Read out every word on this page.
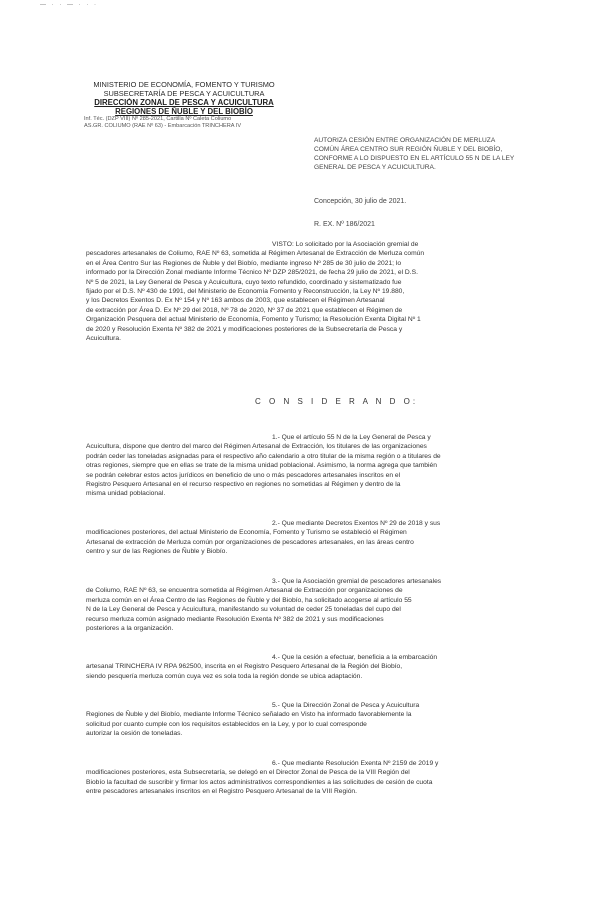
— · · — · · ·
MINISTERIO DE ECONOMÍA, FOMENTO Y TURISMO
SUBSECRETARÍA DE PESCA Y ACUICULTURA
DIRECCIÓN ZONAL DE PESCA Y ACUICULTURA
REGIONES DE ÑUBLE Y DEL BIOBÍO
Inf. Téc. (DZP VIII) Nº 285-2021, Cartilla Nº Caleta Coliumo
AS.GR. COLIUMO (RAE Nº 63) - Embarcación TRINCHERA IV
AUTORIZA CESIÓN ENTRE ORGANIZACIÓN DE MERLUZA
COMÚN ÁREA CENTRO SUR REGIÓN ÑUBLE Y DEL BIOBÍO,
CONFORME A LO DISPUESTO EN EL ARTÍCULO 55 N DE LA LEY
GENERAL DE PESCA Y ACUICULTURA.
Concepción, 30 julio de 2021.
R. EX. Nº 186/2021
VISTO: Lo solicitado por la Asociación gremial de
pescadores artesanales de Coliumo, RAE Nº 63, sometida al Régimen Artesanal de Extracción de Merluza común
en el Área Centro Sur las Regiones de Ñuble y del Biobío, mediante ingreso Nº 285 de 30 julio de 2021; lo
informado por la Dirección Zonal mediante Informe Técnico Nº DZP 285/2021, de fecha 29 julio de 2021, el D.S.
Nº 5 de 2021, la Ley General de Pesca y Acuicultura, cuyo texto refundido, coordinado y sistematizado fue
fijado por el D.S. Nº 430 de 1991, del Ministerio de Economía Fomento y Reconstrucción, la Ley Nº 19.880,
y los Decretos Exentos D. Ex Nº 154 y Nº 163 ambos de 2003, que establecen el Régimen Artesanal
de extracción por Área D. Ex Nº 29 del 2018, Nº 78 de 2020, Nº 37 de 2021 que establecen el Régimen de
Organización Pesquera del actual Ministerio de Economía, Fomento y Turismo; la Resolución Exenta Digital Nº 1
de 2020 y Resolución Exenta Nº 382 de 2021 y modificaciones posteriores de la Subsecretaría de Pesca y
Acuicultura.
C O N S I D E R A N D O:
1.- Que el artículo 55 N de la Ley General de Pesca y
Acuicultura, dispone que dentro del marco del Régimen Artesanal de Extracción, los titulares de las organizaciones
podrán ceder las toneladas asignadas para el respectivo año calendario a otro titular de la misma región o a titulares de
otras regiones, siempre que en ellas se trate de la misma unidad poblacional. Asimismo, la norma agrega que también
se podrán celebrar estos actos jurídicos en beneficio de uno o más pescadores artesanales inscritos en el
Registro Pesquero Artesanal en el recurso respectivo en regiones no sometidas al Régimen y dentro de la
misma unidad poblacional.
2.- Que mediante Decretos Exentos Nº 29 de 2018 y sus
modificaciones posteriores, del actual Ministerio de Economía, Fomento y Turismo se estableció el Régimen
Artesanal de extracción de Merluza común por organizaciones de pescadores artesanales, en las áreas centro
centro y sur de las Regiones de Ñuble y Biobío.
3.- Que la Asociación gremial de pescadores artesanales
de Coliumo, RAE Nº 63, se encuentra sometida al Régimen Artesanal de Extracción por organizaciones de
merluza común en el Área Centro de las Regiones de Ñuble y del Biobío, ha solicitado acogerse al artículo 55
N de la Ley General de Pesca y Acuicultura, manifestando su voluntad de ceder 25 toneladas del cupo del
recurso merluza común asignado mediante Resolución Exenta Nº 382 de 2021 y sus modificaciones
posteriores a la organización.
4.- Que la cesión a efectuar, beneficia a la embarcación
artesanal TRINCHERA IV RPA 962500, inscrita en el Registro Pesquero Artesanal de la Región del Biobío,
siendo pesquería merluza común cuya vez es sola toda la región donde se ubica adaptación.
5.- Que la Dirección Zonal de Pesca y Acuicultura
Regiones de Ñuble y del Biobío, mediante Informe Técnico señalado en Visto ha informado favorablemente la
solicitud por cuanto cumple con los requisitos establecidos en la Ley, y por lo cual corresponde
autorizar la cesión de toneladas.
6.- Que mediante Resolución Exenta Nº 2159 de 2019 y
modificaciones posteriores, esta Subsecretaría, se delegó en el Director Zonal de Pesca de la VIII Región del
Biobío la facultad de suscribir y firmar los actos administrativos correspondientes a las solicitudes de cesión de cuota
entre pescadores artesanales inscritos en el Registro Pesquero Artesanal de la VIII Región.
